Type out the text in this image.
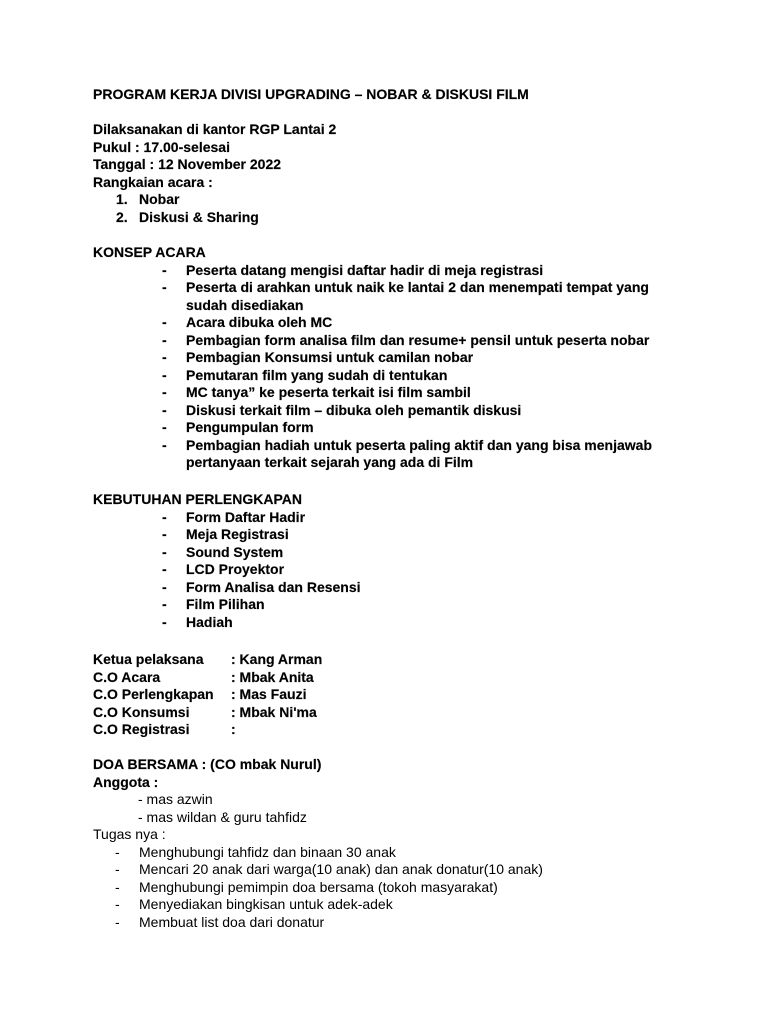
PROGRAM KERJA DIVISI UPGRADING – NOBAR & DISKUSI FILM
Dilaksanakan di kantor RGP Lantai 2
Pukul : 17.00-selesai
Tanggal : 12 November 2022
Rangkaian acara :
1. Nobar
2. Diskusi & Sharing
KONSEP ACARA
- Peserta datang mengisi daftar hadir di meja registrasi
- Peserta di arahkan untuk naik ke lantai 2 dan menempati tempat yang
sudah disediakan
- Acara dibuka oleh MC
- Pembagian form analisa film dan resume+ pensil untuk peserta nobar
- Pembagian Konsumsi untuk camilan nobar
- Pemutaran film yang sudah di tentukan
- MC tanya” ke peserta terkait isi film sambil
- Diskusi terkait film – dibuka oleh pemantik diskusi
- Pengumpulan form
- Pembagian hadiah untuk peserta paling aktif dan yang bisa menjawab
pertanyaan terkait sejarah yang ada di Film
KEBUTUHAN PERLENGKAPAN
- Form Daftar Hadir
- Meja Registrasi
- Sound System
- LCD Proyektor
- Form Analisa dan Resensi
- Film Pilihan
- Hadiah
Ketua pelaksana	: Kang Arman
C.O Acara	: Mbak Anita
C.O Perlengkapan	: Mas Fauzi
C.O Konsumsi	: Mbak Ni'ma
C.O Registrasi	:
DOA BERSAMA : (CO mbak Nurul)
Anggota :
- mas azwin
- mas wildan & guru tahfidz
Tugas nya :
- Menghubungi tahfidz dan binaan 30 anak
- Mencari 20 anak dari warga(10 anak) dan anak donatur(10 anak)
- Menghubungi pemimpin doa bersama (tokoh masyarakat)
- Menyediakan bingkisan untuk adek-adek
- Membuat list doa dari donatur
